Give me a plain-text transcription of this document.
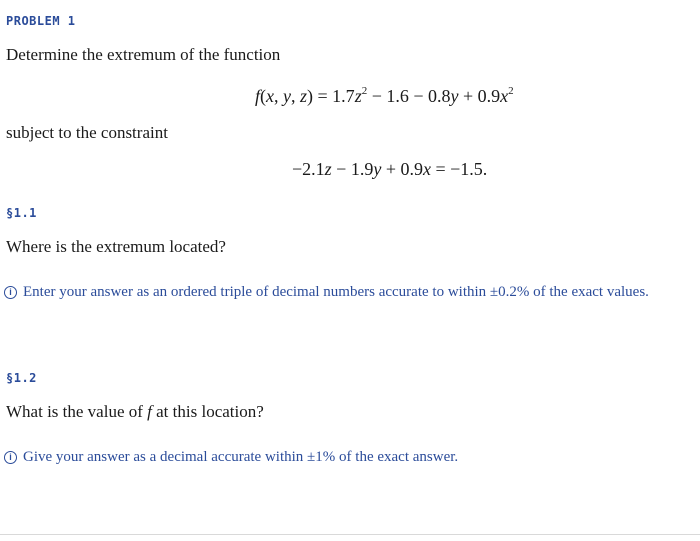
PROBLEM 1
Determine the extremum of the function
f(x, y, $z) = 1.7z^2 - 1.6 - 0.8y + 0.9x^2$
subject to the constraint
−2.1z − 1.9y + 0.9x = −1.5.
§1.1
Where is the extremum located?
i Enter your answer as an ordered triple of decimal numbers accurate to within ±0.2% of the exact values.
§1.2
What is the value of f at this location?
i Give your answer as a decimal accurate within ±1% of the exact answer.
